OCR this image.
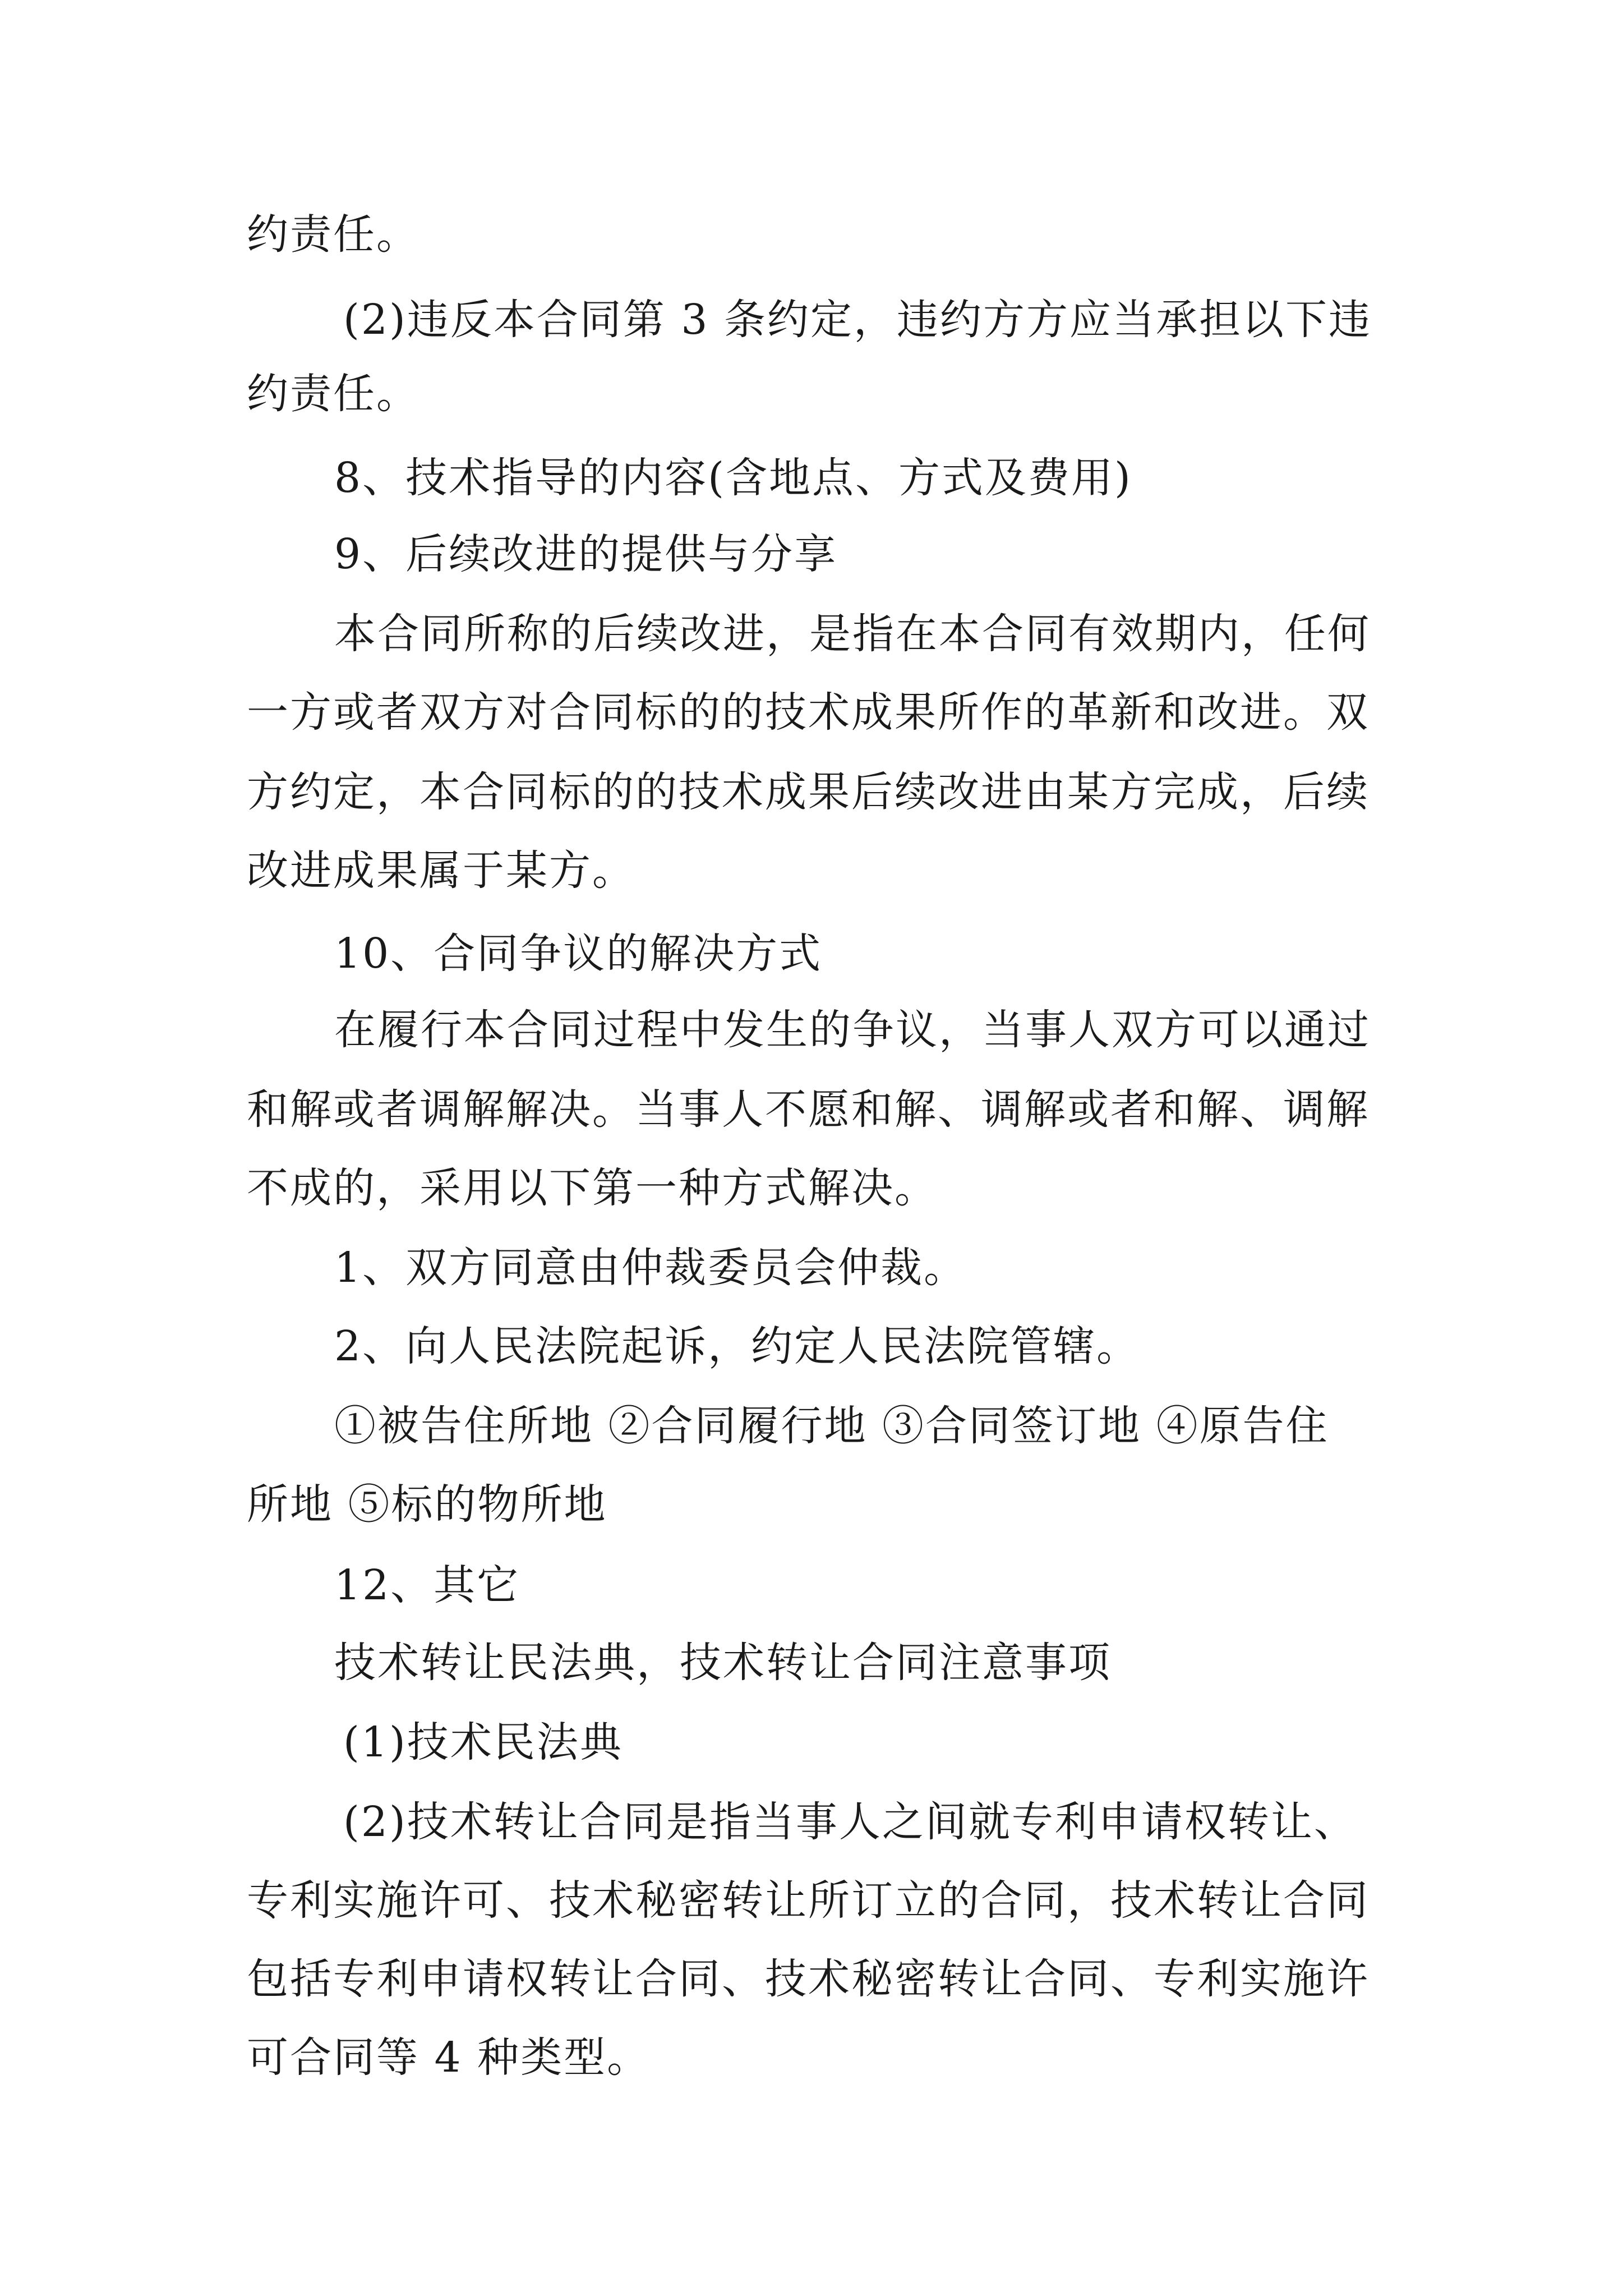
约责任。
(2)违反本合同第 3 条约定，违约方方应当承担以下违
约责任。
8、技术指导的内容(含地点、方式及费用)
9、后续改进的提供与分享
本合同所称的后续改进，是指在本合同有效期内，任何
一方或者双方对合同标的的技术成果所作的革新和改进。双
方约定，本合同标的的技术成果后续改进由某方完成，后续
改进成果属于某方。
10、合同争议的解决方式
在履行本合同过程中发生的争议，当事人双方可以通过
和解或者调解解决。当事人不愿和解、调解或者和解、调解
不成的，采用以下第一种方式解决。
1、双方同意由仲裁委员会仲裁。
2、向人民法院起诉，约定人民法院管辖。
①被告住所地 ②合同履行地 ③合同签订地 ④原告住
所地 ⑤标的物所地
12、其它
技术转让民法典，技术转让合同注意事项
(1)技术民法典
(2)技术转让合同是指当事人之间就专利申请权转让、
专利实施许可、技术秘密转让所订立的合同，技术转让合同
包括专利申请权转让合同、技术秘密转让合同、专利实施许
可合同等 4 种类型。
